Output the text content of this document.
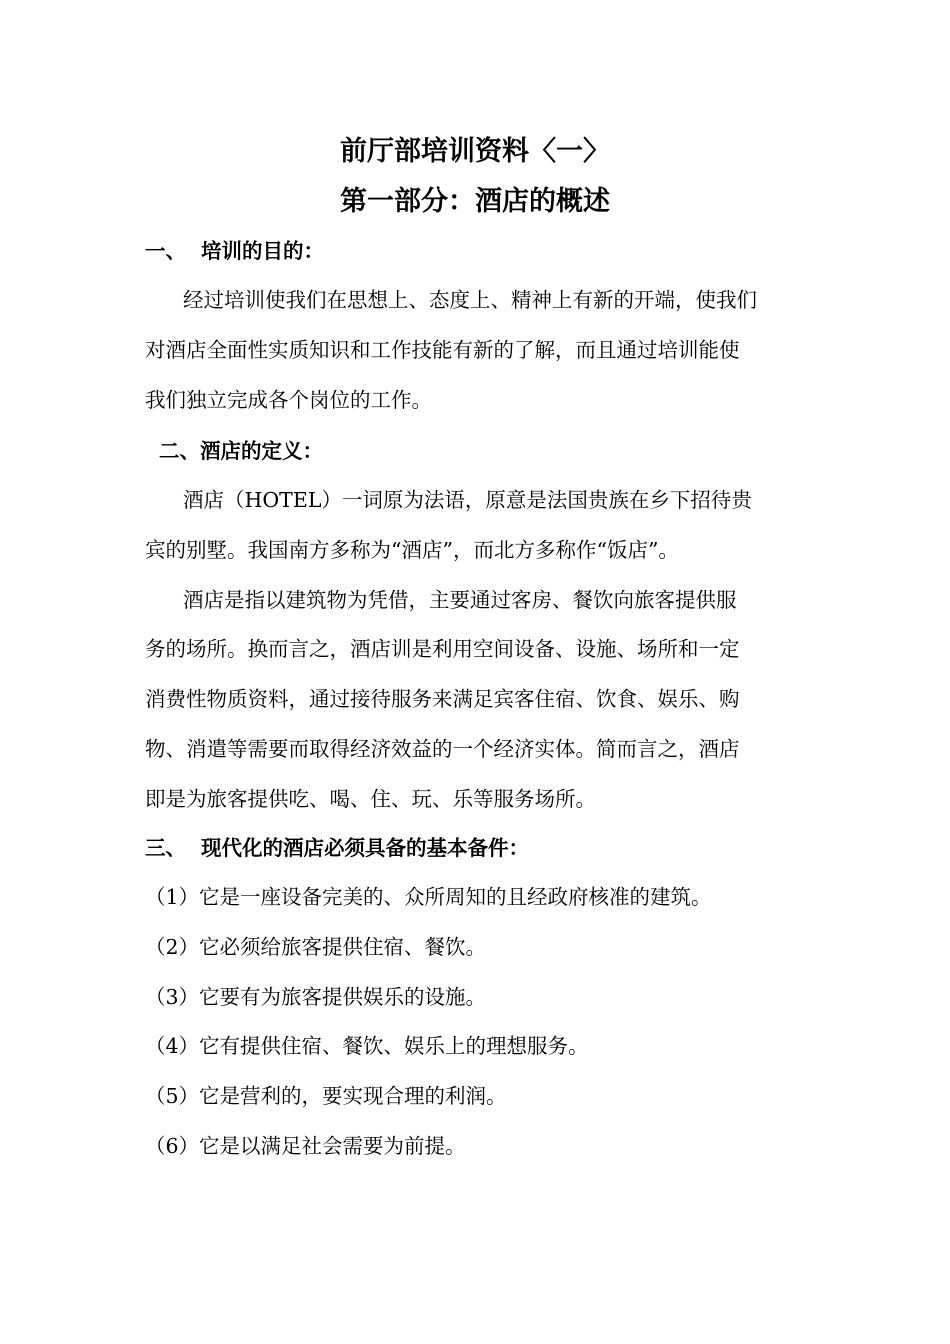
前厅部培训资料〈一〉
第一部分：酒店的概述
一、 培训的目的：
经过培训使我们在思想上、态度上、精神上有新的开端，使我们
对酒店全面性实质知识和工作技能有新的了解，而且通过培训能使
我们独立完成各个岗位的工作。
二、酒店的定义：
酒店（HOTEL）一词原为法语，原意是法国贵族在乡下招待贵
宾的别墅。我国南方多称为“酒店”，而北方多称作“饭店”。
酒店是指以建筑物为凭借，主要通过客房、餐饮向旅客提供服
务的场所。换而言之，酒店训是利用空间设备、设施、场所和一定
消费性物质资料，通过接待服务来满足宾客住宿、饮食、娱乐、购
物、消遣等需要而取得经济效益的一个经济实体。简而言之，酒店
即是为旅客提供吃、喝、住、玩、乐等服务场所。
三、 现代化的酒店必须具备的基本备件：
（1）它是一座设备完美的、众所周知的且经政府核准的建筑。
（2）它必须给旅客提供住宿、餐饮。
（3）它要有为旅客提供娱乐的设施。
（4）它有提供住宿、餐饮、娱乐上的理想服务。
（5）它是营利的，要实现合理的利润。
（6）它是以满足社会需要为前提。
